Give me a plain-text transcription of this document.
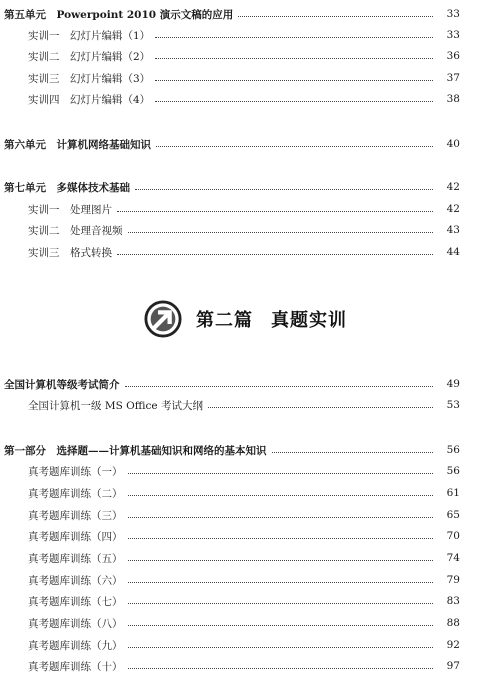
第五单元　Powerpoint 2010 演示文稿的应用	33
实训一　幻灯片编辑（1）	33
实训二　幻灯片编辑（2）	36
实训三　幻灯片编辑（3）	37
实训四　幻灯片编辑（4）	38
第六单元　计算机网络基础知识	40
第七单元　多媒体技术基础	42
实训一　处理图片	42
实训二　处理音视频	43
实训三　格式转换	44
第二篇 真题实训
全国计算机等级考试简介	49
全国计算机一级 MS Office 考试大纲	53
第一部分　选择题——计算机基础知识和网络的基本知识	56
真考题库训练（一）	56
真考题库训练（二）	61
真考题库训练（三）	65
真考题库训练（四）	70
真考题库训练（五）	74
真考题库训练（六）	79
真考题库训练（七）	83
真考题库训练（八）	88
真考题库训练（九）	92
真考题库训练（十）	97
